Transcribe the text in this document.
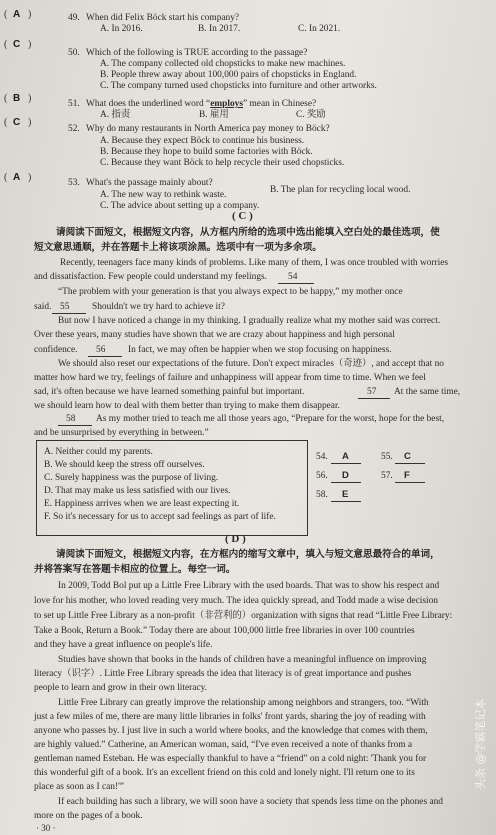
( A )	49. When did Felix Böck start his company?
A. In 2016.	B. In 2017.	C. In 2021.
( C )
50. Which of the following is TRUE according to the passage?
A. The company collected old chopsticks to make new machines.
B. People threw away about 100,000 pairs of chopsticks in England.
C. The company turned used chopsticks into furniture and other artworks.
( B )	51. What does the underlined word “employs” mean in Chinese?
A. 指责	B. 雇用	C. 奖励
( C )
52. Why do many restaurants in North America pay money to Böck?
A. Because they expect Böck to continue his business.
B. Because they hope to build some factories with Böck.
C. Because they want Böck to help recycle their used chopsticks.
( A )	53. What's the passage mainly about?
A. The new way to rethink waste.	B. The plan for recycling local wood.
C. The advice about setting up a company.
( C )
请阅读下面短文，根据短文内容，从方框内所给的选项中选出能填入空白处的最佳选项，使
短文意思通顺，并在答题卡上将该项涂黑。选项中有一项为多余项。
Recently, teenagers face many kinds of problems. Like many of them, I was once troubled with worries
and dissatisfaction. Few people could understand my feelings. 54
“The problem with your generation is that you always expect to be happy,” my mother once
said. 55 Shouldn't we try hard to achieve it?
But now I have noticed a change in my thinking. I gradually realize what my mother said was correct.
Over these years, many studies have shown that we are crazy about happiness and high personal
confidence. 56 In fact, we may often be happier when we stop focusing on happiness.
We should also reset our expectations of the future. Don't expect miracles（奇迹）, and accept that no
matter how hard we try, feelings of failure and unhappiness will appear from time to time. When we feel
sad, it's often because we have learned something painful but important.	57 At the same time,
we should learn how to deal with them better than trying to make them disappear.
58 As my mother tried to teach me all those years ago, “Prepare for the worst, hope for the best,
and be unsurprised by everything in between.”
A. Neither could my parents.
B. We should keep the stress off ourselves.
C. Surely happiness was the purpose of living.
D. That may make us less satisfied with our lives.
E. Happiness arrives when we are least expecting it.
F. So it's necessary for us to accept sad feelings as part of life.
54. A	55. C
56. D	57. F
58. E
( D )
请阅读下面短文，根据短文内容，在方框内的缩写文章中，填入与短文意思最符合的单词，
并将答案写在答题卡相应的位置上。每空一词。
In 2009, Todd Bol put up a Little Free Library with the used boards. That was to show his respect and
love for his mother, who loved reading very much. The idea quickly spread, and Todd made a wise decision
to set up Little Free Library as a non-profit（非营利的）organization with signs that read “Little Free Library:
Take a Book, Return a Book.” Today there are about 100,000 little free libraries in over 100 countries
and they have a great influence on people's life.
Studies have shown that books in the hands of children have a meaningful influence on improving
literacy（识字）. Little Free Library spreads the idea that literacy is of great importance and pushes
people to learn and grow in their own literacy.
Little Free Library can greatly improve the relationship among neighbors and strangers, too. “With
just a few miles of me, there are many little libraries in folks' front yards, sharing the joy of reading with
anyone who passes by. I just live in such a world where books, and the knowledge that comes with them,
are highly valued.” Catherine, an American woman, said, “I've even received a note of thanks from a
gentleman named Esteban. He was especially thankful to have a “friend” on a cold night: 'Thank you for
this wonderful gift of a book. It's an excellent friend on this cold and lonely night. I'll return one to its
place as soon as I can!'”
If each building has such a library, we will soon have a society that spends less time on the phones and
more on the pages of a book.
· 30 ·
头条 @学霸笔记本
